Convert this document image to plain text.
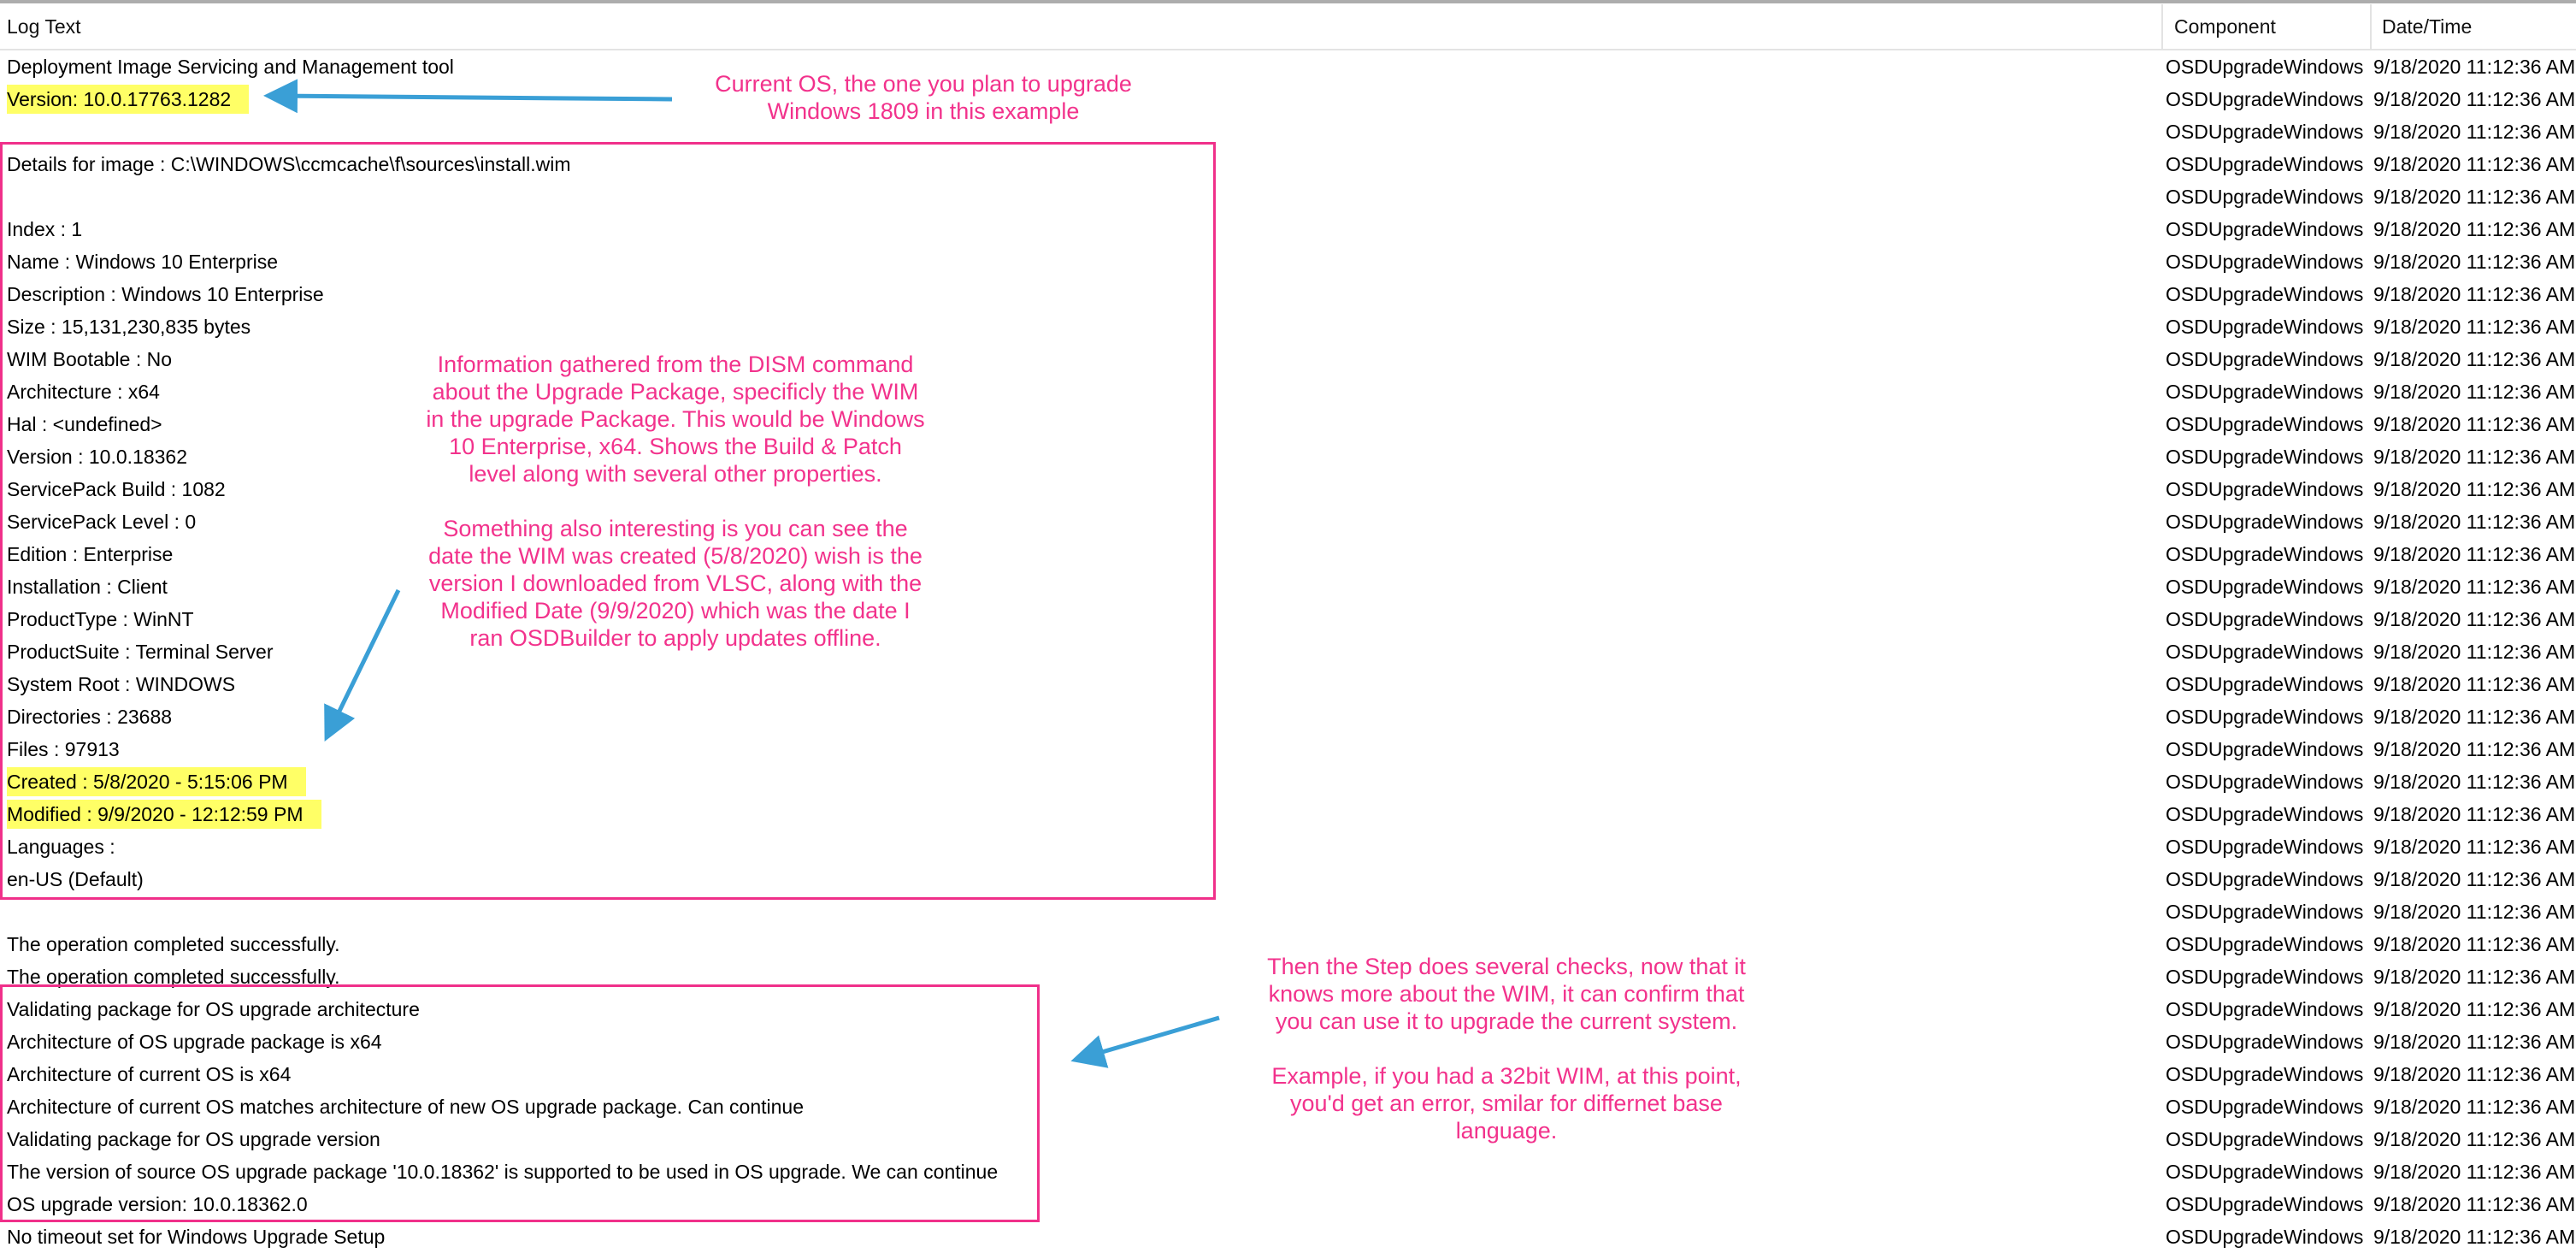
Log Text	Component	Date/Time
Deployment Image Servicing and Management tool	OSDUpgradeWindows 9/18/2020 11:12:36 AM
Version: 10.0.17763.1282	OSDUpgradeWindows 9/18/2020 11:12:36 AM
OSDUpgradeWindows 9/18/2020 11:12:36 AM
Details for image : C:\WINDOWS\ccmcache\f\sources\install.wim	OSDUpgradeWindows 9/18/2020 11:12:36 AM
OSDUpgradeWindows 9/18/2020 11:12:36 AM
Index : 1	OSDUpgradeWindows 9/18/2020 11:12:36 AM
Name : Windows 10 Enterprise	OSDUpgradeWindows 9/18/2020 11:12:36 AM
Description : Windows 10 Enterprise	OSDUpgradeWindows 9/18/2020 11:12:36 AM
Size : 15,131,230,835 bytes	OSDUpgradeWindows 9/18/2020 11:12:36 AM
WIM Bootable : No	OSDUpgradeWindows 9/18/2020 11:12:36 AM
Architecture : x64	OSDUpgradeWindows 9/18/2020 11:12:36 AM
Hal : <undefined>	OSDUpgradeWindows 9/18/2020 11:12:36 AM
Version : 10.0.18362	OSDUpgradeWindows 9/18/2020 11:12:36 AM
ServicePack Build : 1082	OSDUpgradeWindows 9/18/2020 11:12:36 AM
ServicePack Level : 0	OSDUpgradeWindows 9/18/2020 11:12:36 AM
Edition : Enterprise	OSDUpgradeWindows 9/18/2020 11:12:36 AM
Installation : Client	OSDUpgradeWindows 9/18/2020 11:12:36 AM
ProductType : WinNT	OSDUpgradeWindows 9/18/2020 11:12:36 AM
ProductSuite : Terminal Server	OSDUpgradeWindows 9/18/2020 11:12:36 AM
System Root : WINDOWS	OSDUpgradeWindows 9/18/2020 11:12:36 AM
Directories : 23688	OSDUpgradeWindows 9/18/2020 11:12:36 AM
Files : 97913	OSDUpgradeWindows 9/18/2020 11:12:36 AM
Created : 5/8/2020 - 5:15:06 PM	OSDUpgradeWindows 9/18/2020 11:12:36 AM
Modified : 9/9/2020 - 12:12:59 PM	OSDUpgradeWindows 9/18/2020 11:12:36 AM
Languages :	OSDUpgradeWindows 9/18/2020 11:12:36 AM
en-US (Default)	OSDUpgradeWindows 9/18/2020 11:12:36 AM
OSDUpgradeWindows 9/18/2020 11:12:36 AM
The operation completed successfully.	OSDUpgradeWindows 9/18/2020 11:12:36 AM
The operation completed successfully.	OSDUpgradeWindows 9/18/2020 11:12:36 AM
Validating package for OS upgrade architecture	OSDUpgradeWindows 9/18/2020 11:12:36 AM
Architecture of OS upgrade package is x64	OSDUpgradeWindows 9/18/2020 11:12:36 AM
Architecture of current OS is x64	OSDUpgradeWindows 9/18/2020 11:12:36 AM
Architecture of current OS matches architecture of new OS upgrade package. Can continue	OSDUpgradeWindows 9/18/2020 11:12:36 AM
Validating package for OS upgrade version	OSDUpgradeWindows 9/18/2020 11:12:36 AM
The version of source OS upgrade package '10.0.18362' is supported to be used in OS upgrade. We can continue	OSDUpgradeWindows 9/18/2020 11:12:36 AM
OS upgrade version: 10.0.18362.0	OSDUpgradeWindows 9/18/2020 11:12:36 AM
No timeout set for Windows Upgrade Setup	OSDUpgradeWindows 9/18/2020 11:12:36 AM
Current OS, the one you plan to upgrade
Windows 1809 in this example
Information gathered from the DISM command
about the Upgrade Package, specificly the WIM
in the upgrade Package. This would be Windows
10 Enterprise, x64. Shows the Build & Patch
level along with several other properties.
Something also interesting is you can see the
date the WIM was created (5/8/2020) wish is the
version I downloaded from VLSC, along with the
Modified Date (9/9/2020) which was the date I
ran OSDBuilder to apply updates offline.
Then the Step does several checks, now that it
knows more about the WIM, it can confirm that
you can use it to upgrade the current system.
Example, if you had a 32bit WIM, at this point,
you'd get an error, smilar for differnet base
language.
